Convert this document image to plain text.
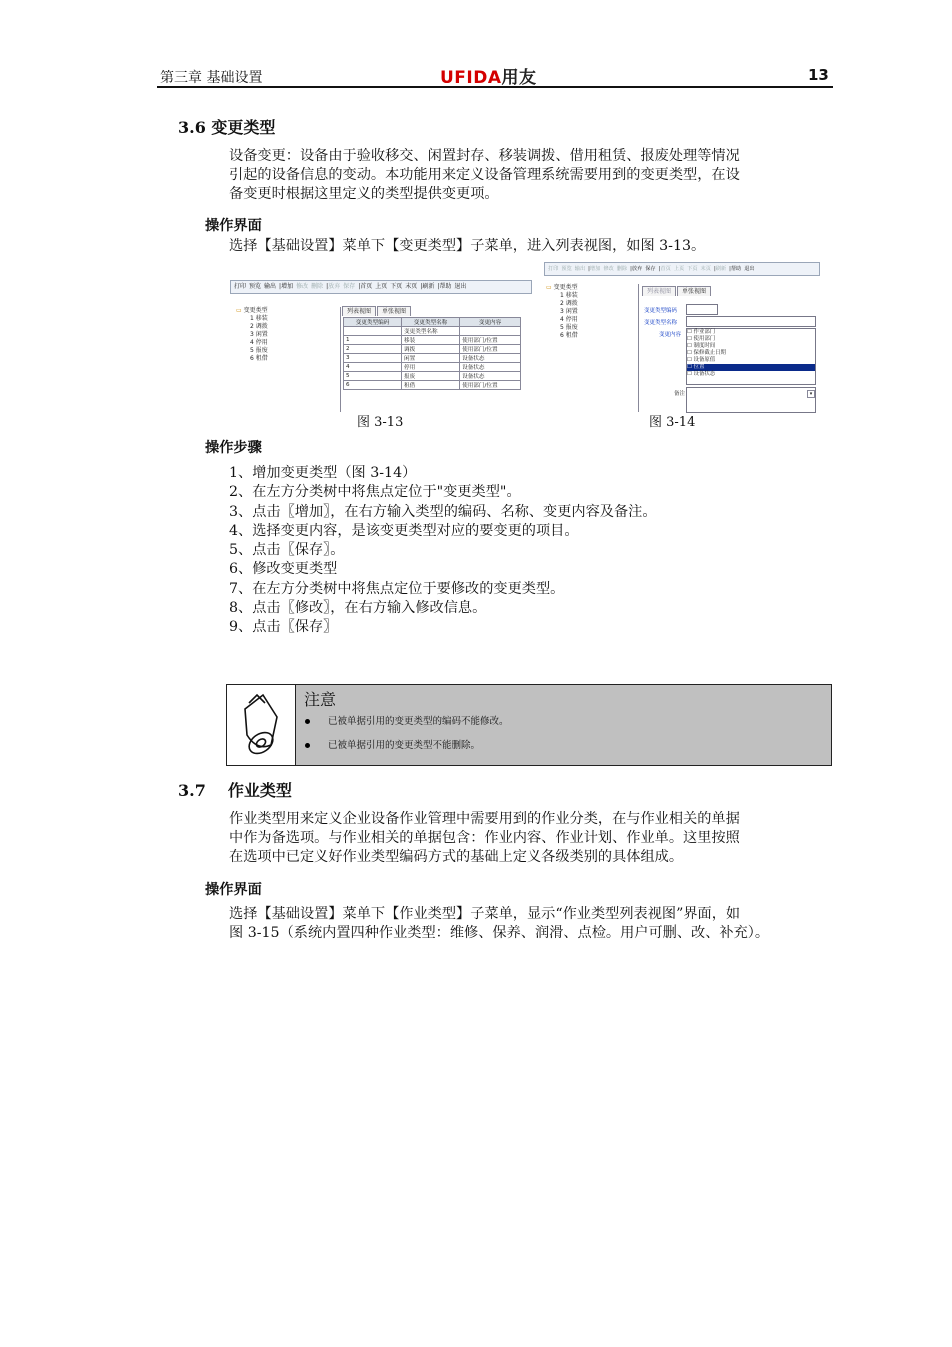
第三章 基础设置	UFIDA用友	13
3.6 变更类型
设备变更：设备由于验收移交、闲置封存、移装调拨、借用租赁、报废处理等情况
引起的设备信息的变动。本功能用来定义设备管理系统需要用到的变更类型，在设
备变更时根据这里定义的类型提供变更项。
操作界面
选择【基础设置】菜单下【变更类型】子菜单，进入列表视图，如图 3-13。
打印 预览 输出 |增加 修改 删除 |放弃 保存 |首页 上页 下页 末页 |刷新 |帮助 退出
▭ 变更类型
1 移装
2 调拨
3 闲置
4 停用
5 报废
6 租借
列表视图 单张视图
变更类型编码	变更类型名称	变更内容
	变更类型名称	
1	移装	使用部门/位置
2	调拨	使用部门/位置
3	闲置	设备状态
4	停用	设备状态
5	报废	设备状态
6	租借	使用部门/位置
图 3-13
打印 预览 输出 |增加 修改 删除 |放弃 保存 |首页 上页 下页 末页 |刷新 |帮助 退出
▭ 变更类型
1 移装
2 调拨
3 闲置
4 停用
5 报废
6 租借
列表视图 单张视图
变更类型编码
变更类型名称
变更内容 ☐ 作业部门
☐ 使用部门
☐ 制度时间
☐ 保修截止日期
☐ 设备原值
☐ 位置
☐ 设备状态
备注	▾
图 3-14
操作步骤
1、增加变更类型（图 3-14）
2、在左方分类树中将焦点定位于"变更类型"。
3、点击〖增加〗，在右方输入类型的编码、名称、变更内容及备注。
4、选择变更内容，是该变更类型对应的要变更的项目。
5、点击〖保存〗。
6、修改变更类型
7、在左方分类树中将焦点定位于要修改的变更类型。
8、点击〖修改〗，在右方输入修改信息。
9、点击〖保存〗
注意
已被单据引用的变更类型的编码不能修改。
已被单据引用的变更类型不能删除。
3.7 作业类型
作业类型用来定义企业设备作业管理中需要用到的作业分类，在与作业相关的单据
中作为备选项。与作业相关的单据包含：作业内容、作业计划、作业单。这里按照
在选项中已定义好作业类型编码方式的基础上定义各级类别的具体组成。
操作界面
选择【基础设置】菜单下【作业类型】子菜单，显示“作业类型列表视图”界面，如
图 3-15（系统内置四种作业类型：维修、保养、润滑、点检。用户可删、改、补充）。
